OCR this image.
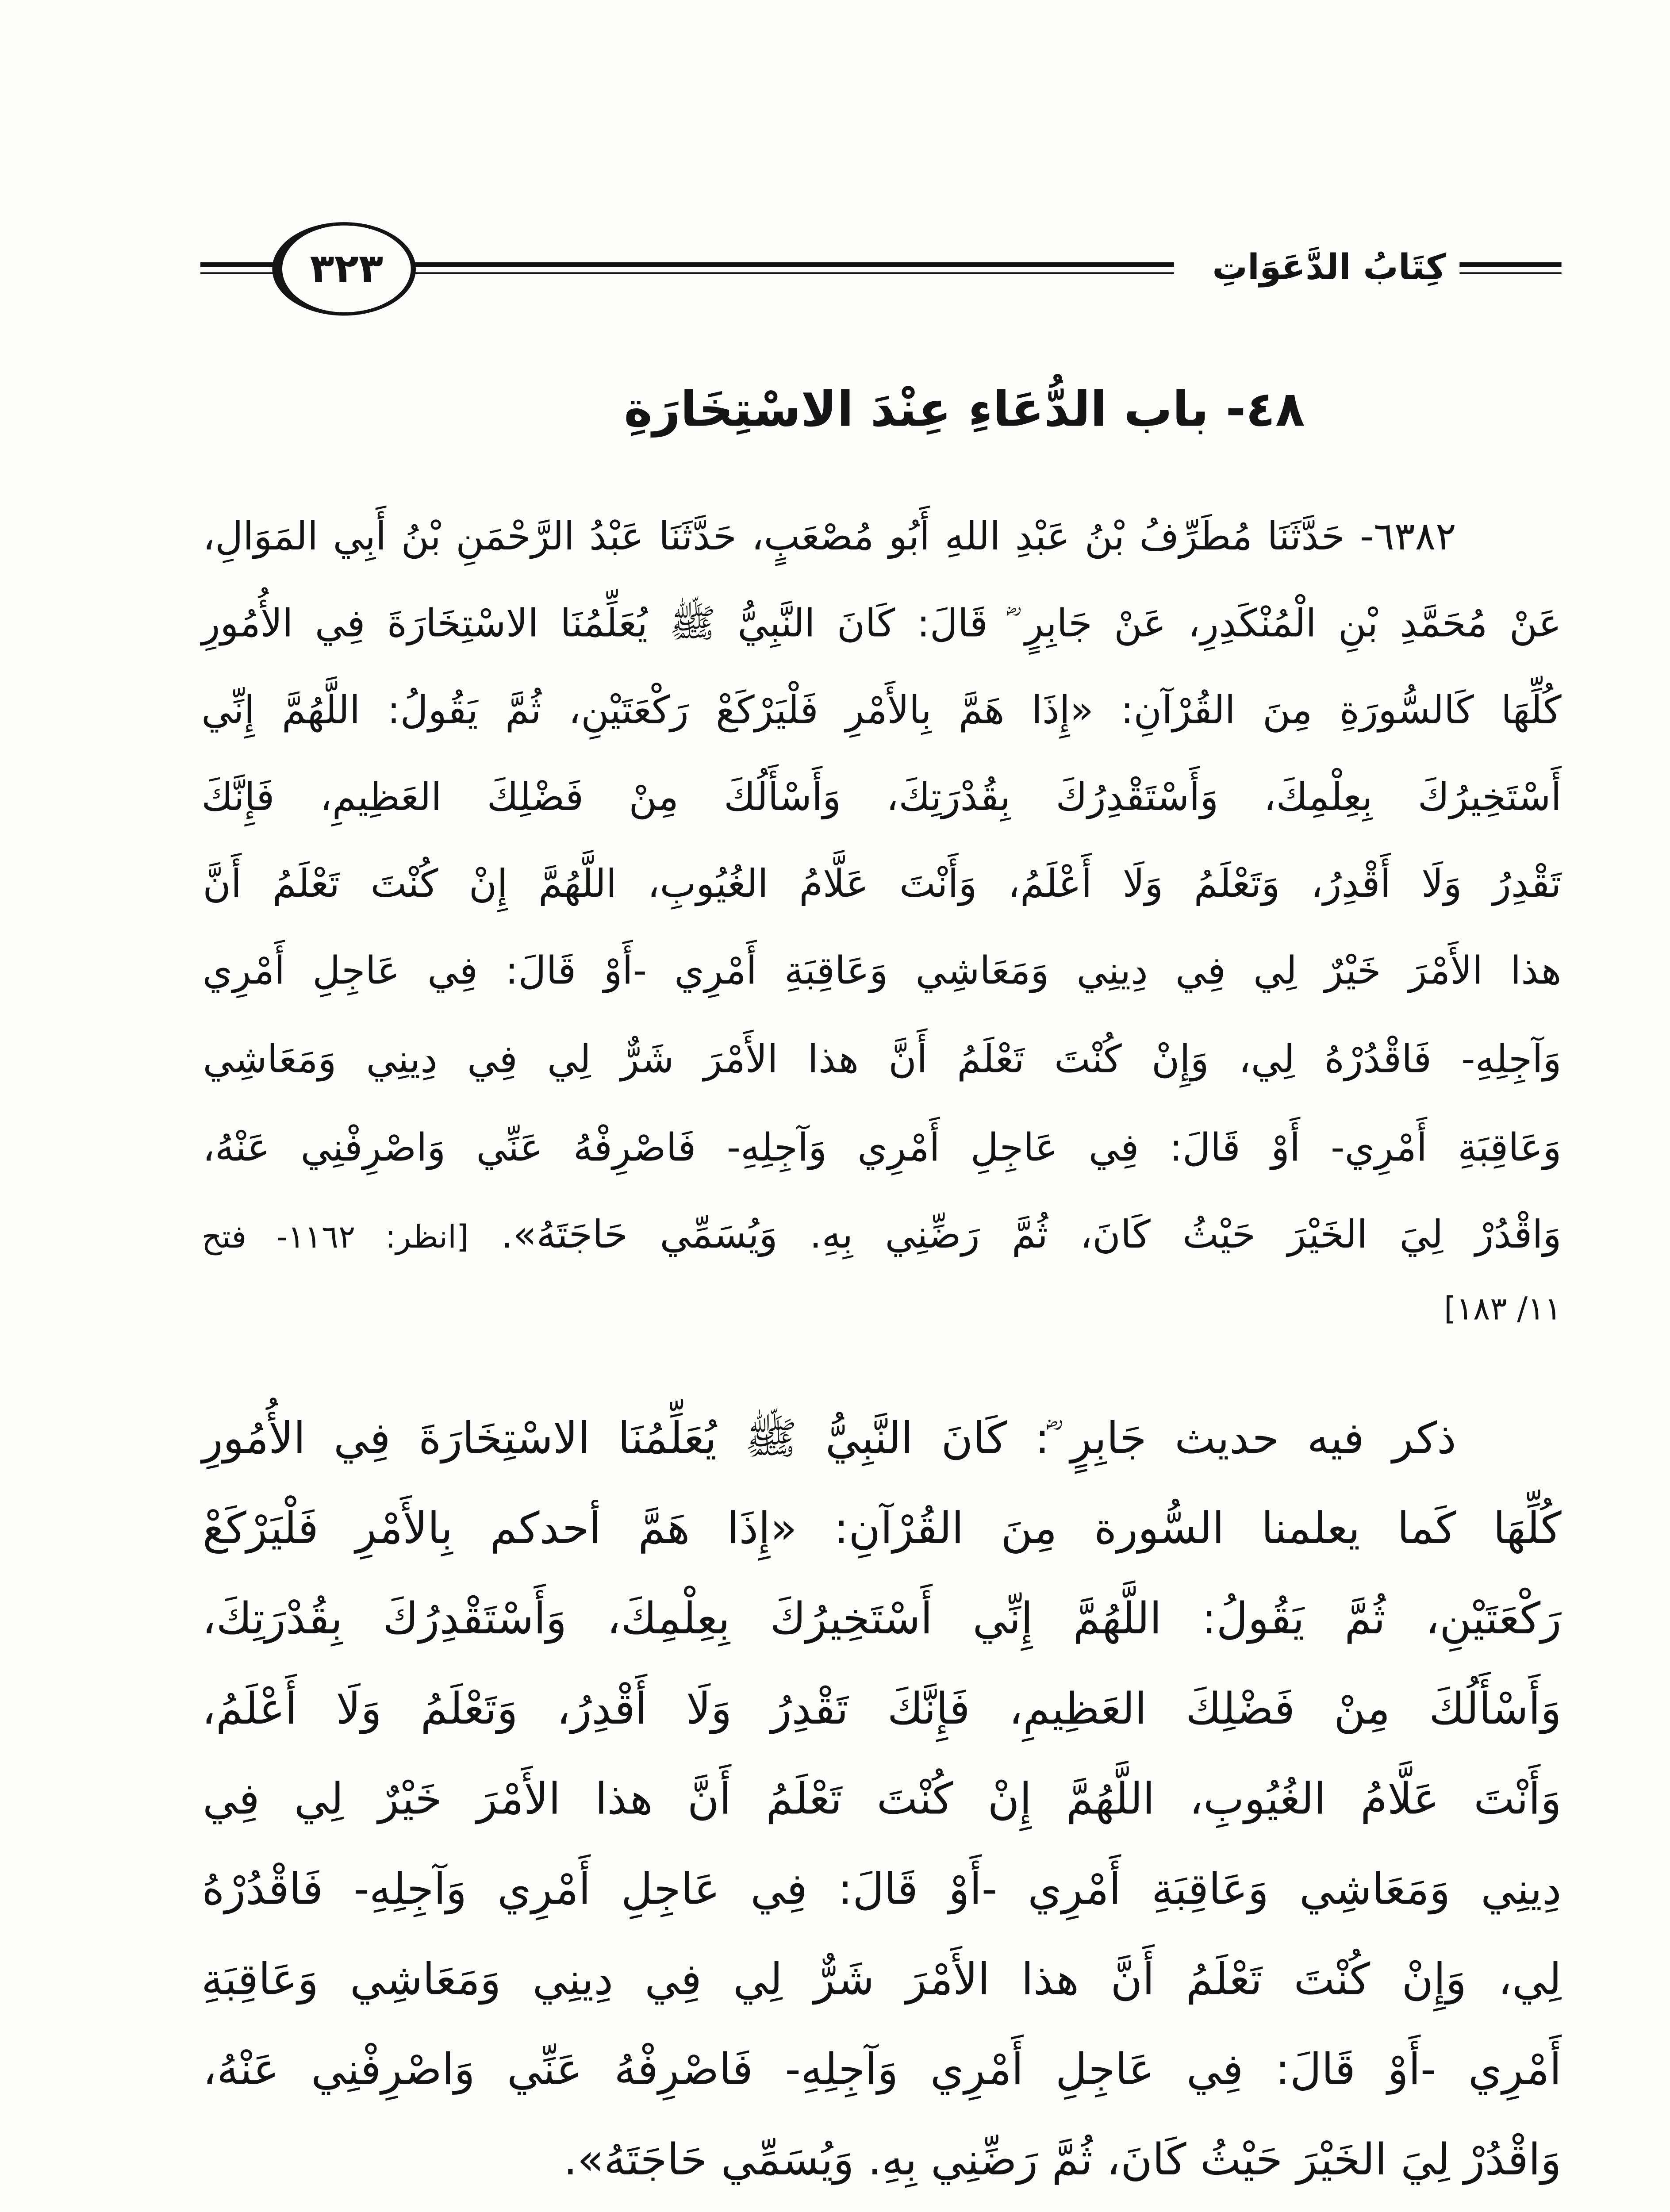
٣٢٣	كِتَابُ الدَّعَوَاتِ
٤٨- باب الدُّعَاءِ عِنْدَ الاسْتِخَارَةِ
٦٣٨٢- حَدَّثَنَا مُطَرِّفُ بْنُ عَبْدِ اللهِ أَبُو مُصْعَبٍ، حَدَّثَنَا عَبْدُ الرَّحْمَنِ بْنُ أَبِي المَوَالِ،
عَنْ مُحَمَّدِ بْنِ الْمُنْكَدِرِ، عَنْ جَابِرٍ ؓ قَالَ: كَانَ النَّبِيُّ ﷺ يُعَلِّمُنَا الاسْتِخَارَةَ فِي الأُمُورِ
كُلِّهَا كَالسُّورَةِ مِنَ القُرْآنِ: «إِذَا هَمَّ بِالأَمْرِ فَلْيَرْكَعْ رَكْعَتَيْنِ، ثُمَّ يَقُولُ: اللَّهُمَّ إِنِّي
أَسْتَخِيرُكَ بِعِلْمِكَ، وَأَسْتَقْدِرُكَ بِقُدْرَتِكَ، وَأَسْأَلُكَ مِنْ فَضْلِكَ العَظِيمِ، فَإِنَّكَ
تَقْدِرُ وَلَا أَقْدِرُ، وَتَعْلَمُ وَلَا أَعْلَمُ، وَأَنْتَ عَلَّامُ الغُيُوبِ، اللَّهُمَّ إِنْ كُنْتَ تَعْلَمُ أَنَّ
هذا الأَمْرَ خَيْرٌ لِي فِي دِينِي وَمَعَاشِي وَعَاقِبَةِ أَمْرِي -أَوْ قَالَ: فِي عَاجِلِ أَمْرِي
وَآجِلِهِ- فَاقْدُرْهُ لِي، وَإِنْ كُنْتَ تَعْلَمُ أَنَّ هذا الأَمْرَ شَرٌّ لِي فِي دِينِي وَمَعَاشِي
وَعَاقِبَةِ أَمْرِي- أَوْ قَالَ: فِي عَاجِلِ أَمْرِي وَآجِلِهِ- فَاصْرِفْهُ عَنِّي وَاصْرِفْنِي عَنْهُ،
وَاقْدُرْ لِيَ الخَيْرَ حَيْثُ كَانَ، ثُمَّ رَضِّنِي بِهِ. وَيُسَمِّي حَاجَتَهُ». [انظر: ١١٦٢- فتح
١١/ ١٨٣]
ذكر فيه حديث جَابِرٍ ؓ: كَانَ النَّبِيُّ ﷺ يُعَلِّمُنَا الاسْتِخَارَةَ فِي الأُمُورِ
كُلِّهَا كَما يعلمنا السُّورة مِنَ القُرْآنِ: «إِذَا هَمَّ أحدكم بِالأَمْرِ فَلْيَرْكَعْ
رَكْعَتَيْنِ، ثُمَّ يَقُولُ: اللَّهُمَّ إِنِّي أَسْتَخِيرُكَ بِعِلْمِكَ، وَأَسْتَقْدِرُكَ بِقُدْرَتِكَ،
وَأَسْأَلُكَ مِنْ فَضْلِكَ العَظِيمِ، فَإِنَّكَ تَقْدِرُ وَلَا أَقْدِرُ، وَتَعْلَمُ وَلَا أَعْلَمُ،
وَأَنْتَ عَلَّامُ الغُيُوبِ، اللَّهُمَّ إِنْ كُنْتَ تَعْلَمُ أَنَّ هذا الأَمْرَ خَيْرٌ لِي فِي
دِينِي وَمَعَاشِي وَعَاقِبَةِ أَمْرِي -أَوْ قَالَ: فِي عَاجِلِ أَمْرِي وَآجِلِهِ- فَاقْدُرْهُ
لِي، وَإِنْ كُنْتَ تَعْلَمُ أَنَّ هذا الأَمْرَ شَرٌّ لِي فِي دِينِي وَمَعَاشِي وَعَاقِبَةِ
أَمْرِي -أَوْ قَالَ: فِي عَاجِلِ أَمْرِي وَآجِلِهِ- فَاصْرِفْهُ عَنِّي وَاصْرِفْنِي عَنْهُ،
وَاقْدُرْ لِيَ الخَيْرَ حَيْثُ كَانَ، ثُمَّ رَضِّنِي بِهِ. وَيُسَمِّي حَاجَتَهُ».
